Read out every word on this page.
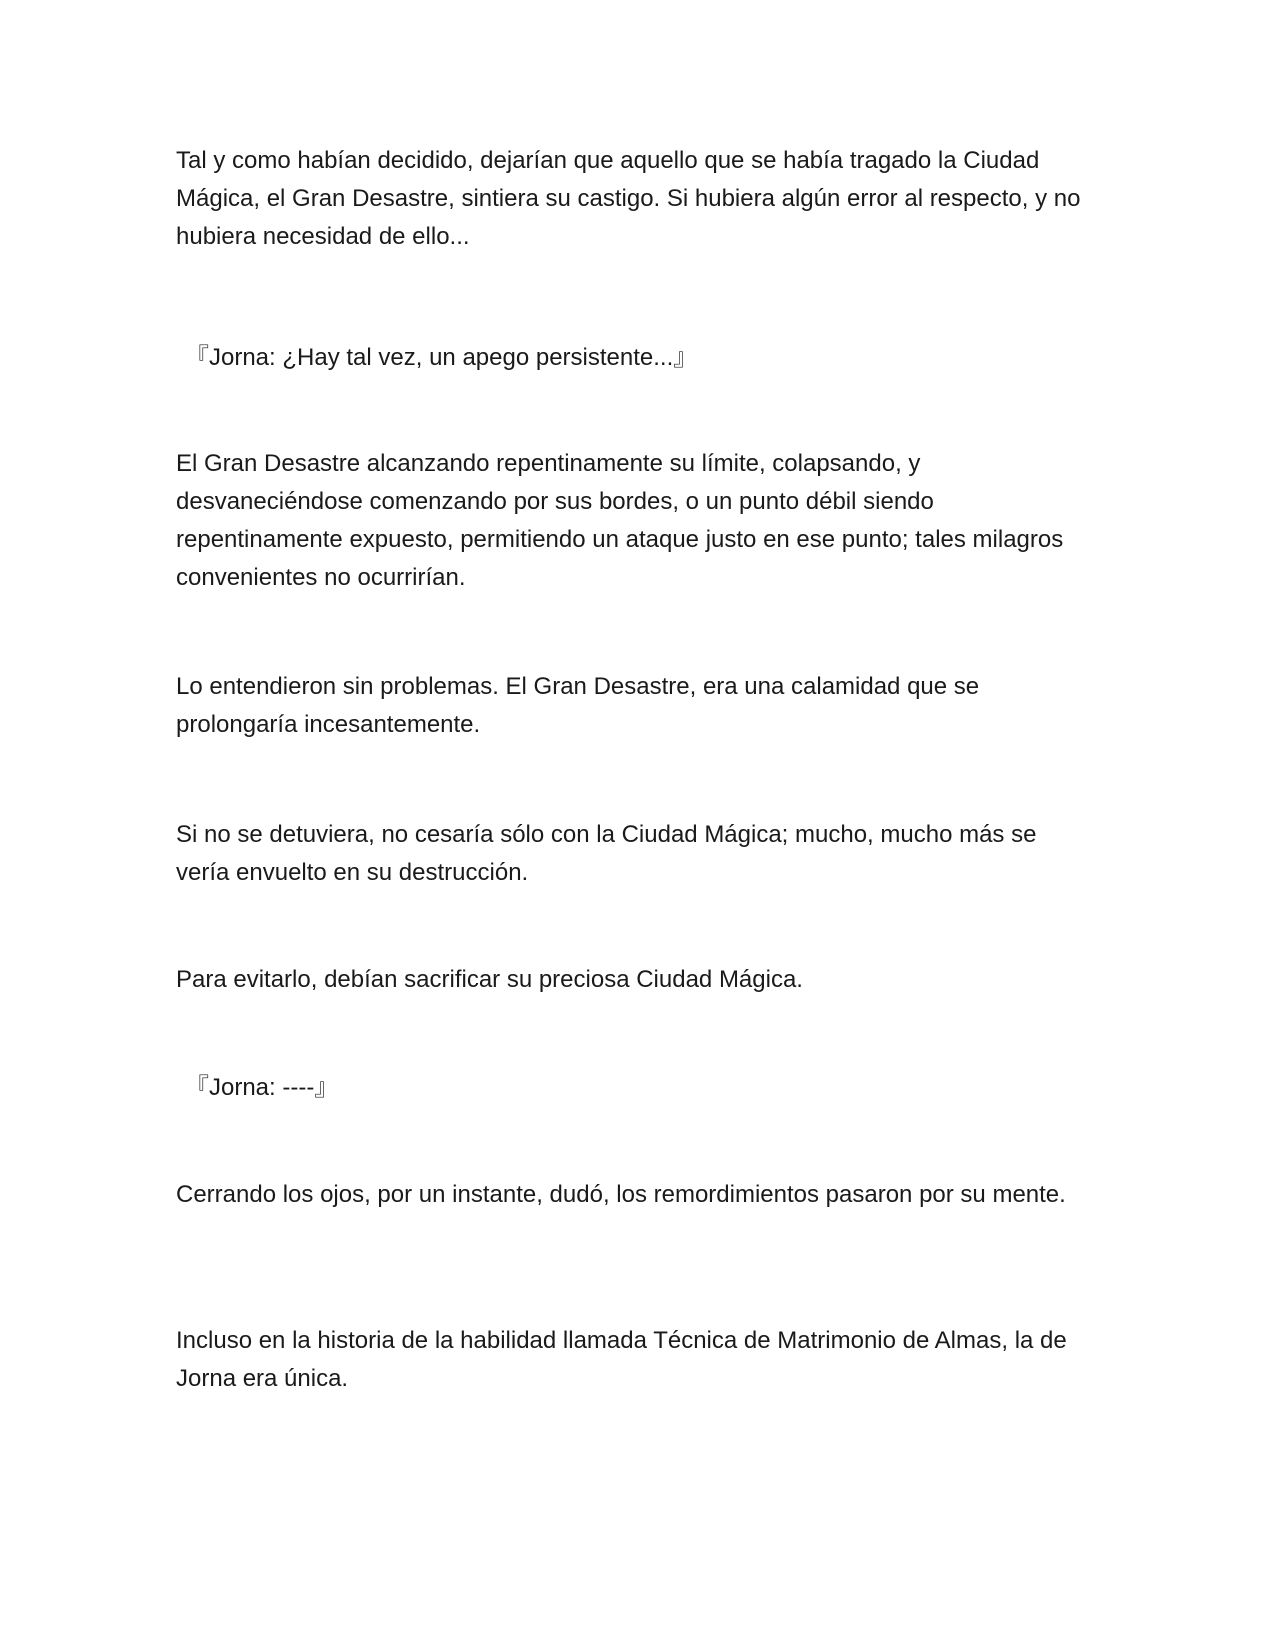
Tal y como habían decidido, dejarían que aquello que se había tragado la Ciudad Mágica, el Gran Desastre, sintiera su castigo. Si hubiera algún error al respecto, y no hubiera necesidad de ello...

『Jorna: ¿Hay tal vez, un apego persistente...』

El Gran Desastre alcanzando repentinamente su límite, colapsando, y desvaneciéndose comenzando por sus bordes, o un punto débil siendo repentinamente expuesto, permitiendo un ataque justo en ese punto; tales milagros convenientes no ocurrirían.

Lo entendieron sin problemas. El Gran Desastre, era una calamidad que se prolongaría incesantemente.

Si no se detuviera, no cesaría sólo con la Ciudad Mágica; mucho, mucho más se vería envuelto en su destrucción.

Para evitarlo, debían sacrificar su preciosa Ciudad Mágica.

『Jorna: ----』

Cerrando los ojos, por un instante, dudó, los remordimientos pasaron por su mente.

Incluso en la historia de la habilidad llamada Técnica de Matrimonio de Almas, la de Jorna era única.
